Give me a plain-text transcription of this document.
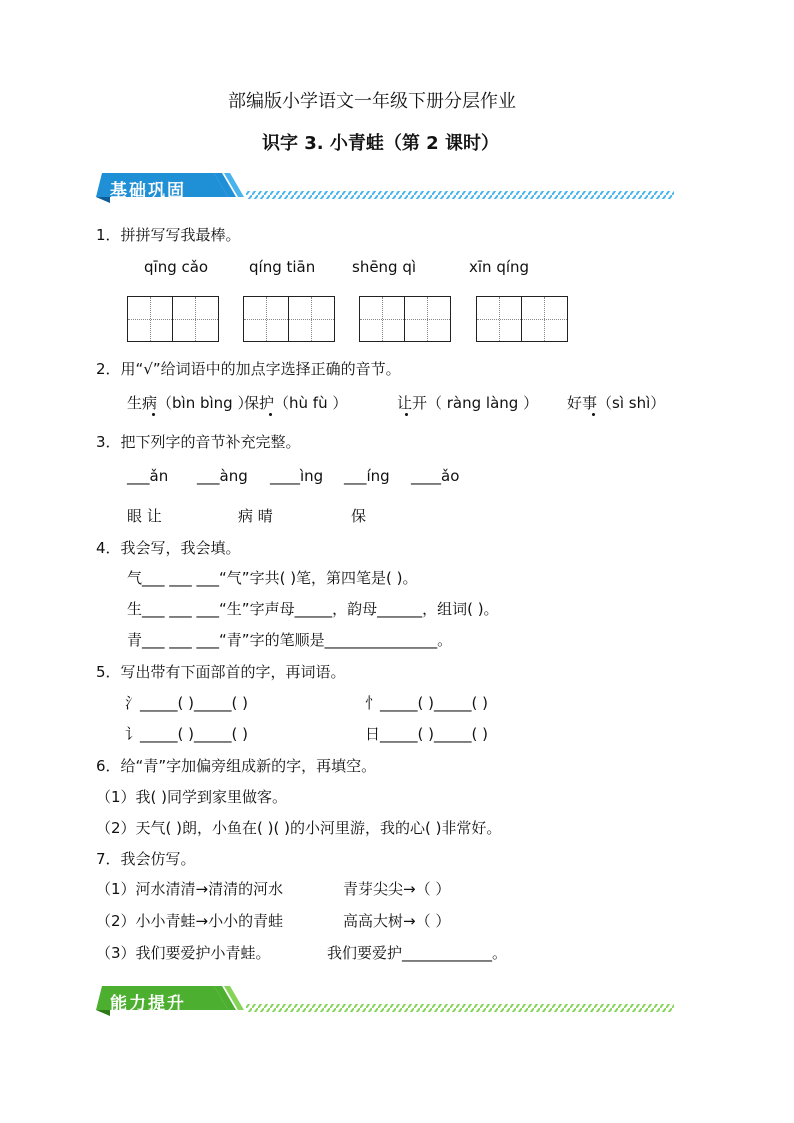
部编版小学语文一年级下册分层作业
识字 3. 小青蛙（第 2 课时）
基础巩固
1．拼拼写写我最棒。
qīng cǎo	qíng tiān shēng qì	xīn qíng
2．用“√”给词语中的加点字选择正确的音节。
生病（bìn bìng ）
保护（hù fù ）	让开（ ràng làng ） 好事（sì shì）
3．把下列字的音节补充完整。
___ǎn ___àng ____ìng ___íng ____ǎo
眼 让	病 晴	保
4．我会写，我会填。
气___ ___ ___“气”字共( )笔，第四笔是( )。
生___ ___ ___“生”字声母_____，韵母______，组词( )。
青___ ___ ___“青”字的笔顺是_______________。
5．写出带有下面部首的字，再词语。
氵_____( )_____( )	忄_____( )_____( )
讠_____( )_____( )	日_____( )_____( )
6．给“青”字加偏旁组成新的字，再填空。
（1）我( )同学到家里做客。
（2）天气( )朗，小鱼在( )( )的小河里游，我的心( )非常好。
7．我会仿写。
（1）河水清清→清清的河水	青芽尖尖→（ ）
（2）小小青蛙→小小的青蛙	高高大树→（ ）
（3）我们要爱护小青蛙。	我们要爱护____________。
能力提升
